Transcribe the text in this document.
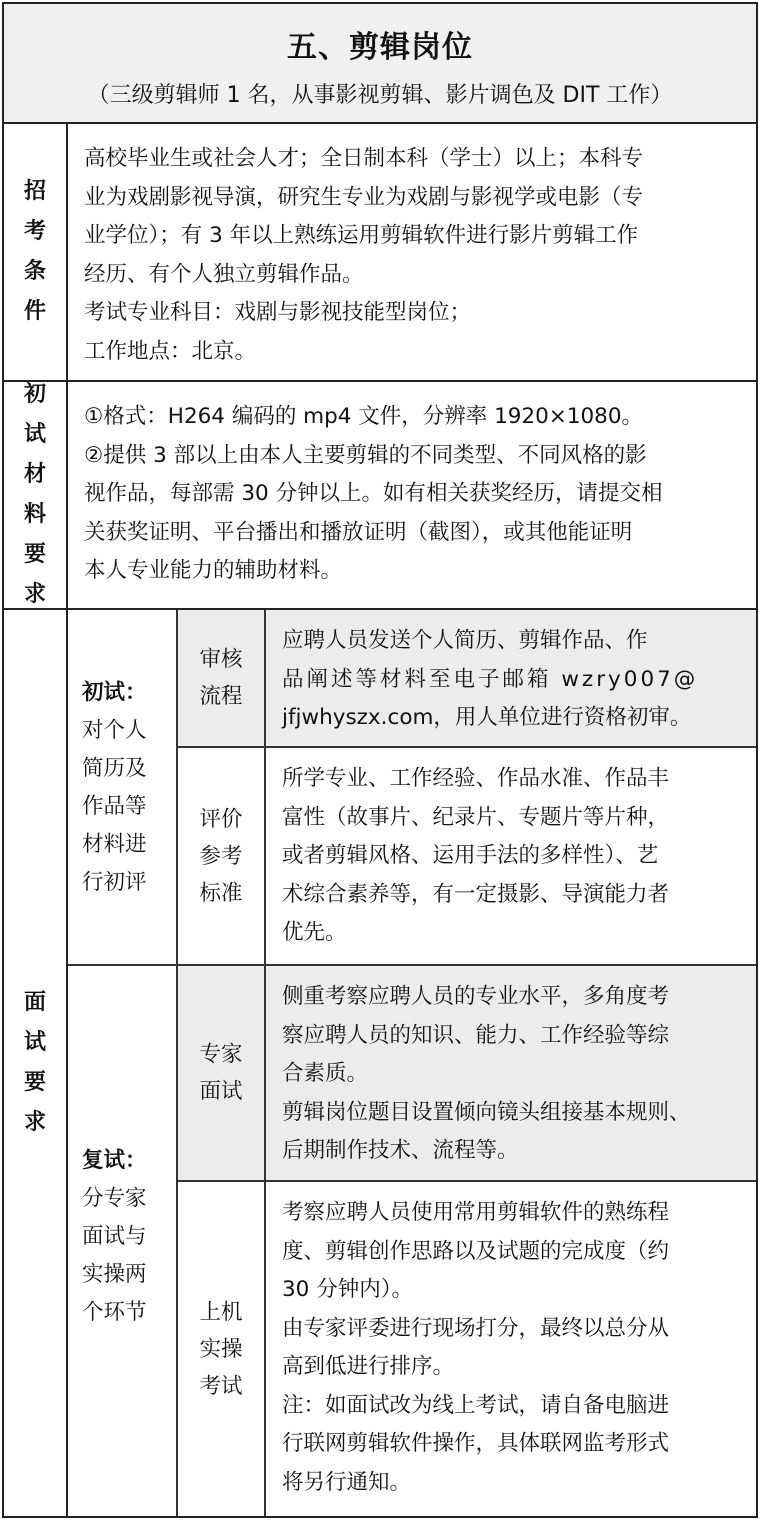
五、剪辑岗位
（三级剪辑师 1 名，从事影视剪辑、影片调色及 DIT 工作）
招
考
条
件

高校毕业生或社会人才；全日制本科（学士）以上；本科专

业为戏剧影视导演，研究生专业为戏剧与影视学或电影（专

业学位）；有 3 年以上熟练运用剪辑软件进行影片剪辑工作

经历、有个人独立剪辑作品。

考试专业科目：戏剧与影视技能型岗位；

工作地点：北京。

初
试
材
料
要
求

①格式：H264 编码的 mp4 文件，分辨率 1920×1080。

②提供 3 部以上由本人主要剪辑的不同类型、不同风格的影

视作品，每部需 30 分钟以上。如有相关获奖经历，请提交相

关获奖证明、平台播出和播放证明（截图），或其他能证明

本人专业能力的辅助材料。

面
试
要
求
初试：
对个人
简历及
作品等
材料进
行初评
复试：
分专家
面试与
实操两
个环节
审核
流程

应聘人员发送个人简历、剪辑作品、作

品阐述等材料至电子邮箱 wzry007@

jfjwhyszx.com，用人单位进行资格初审。

评价
参考
标准

所学专业、工作经验、作品水准、作品丰

富性（故事片、纪录片、专题片等片种，

或者剪辑风格、运用手法的多样性）、艺

术综合素养等，有一定摄影、导演能力者

优先。

专家
面试

侧重考察应聘人员的专业水平，多角度考

察应聘人员的知识、能力、工作经验等综

合素质。

剪辑岗位题目设置倾向镜头组接基本规则、

后期制作技术、流程等。

上机
实操
考试

考察应聘人员使用常用剪辑软件的熟练程

度、剪辑创作思路以及试题的完成度（约

30 分钟内）。

由专家评委进行现场打分，最终以总分从

高到低进行排序。

注：如面试改为线上考试，请自备电脑进

行联网剪辑软件操作，具体联网监考形式

将另行通知。
